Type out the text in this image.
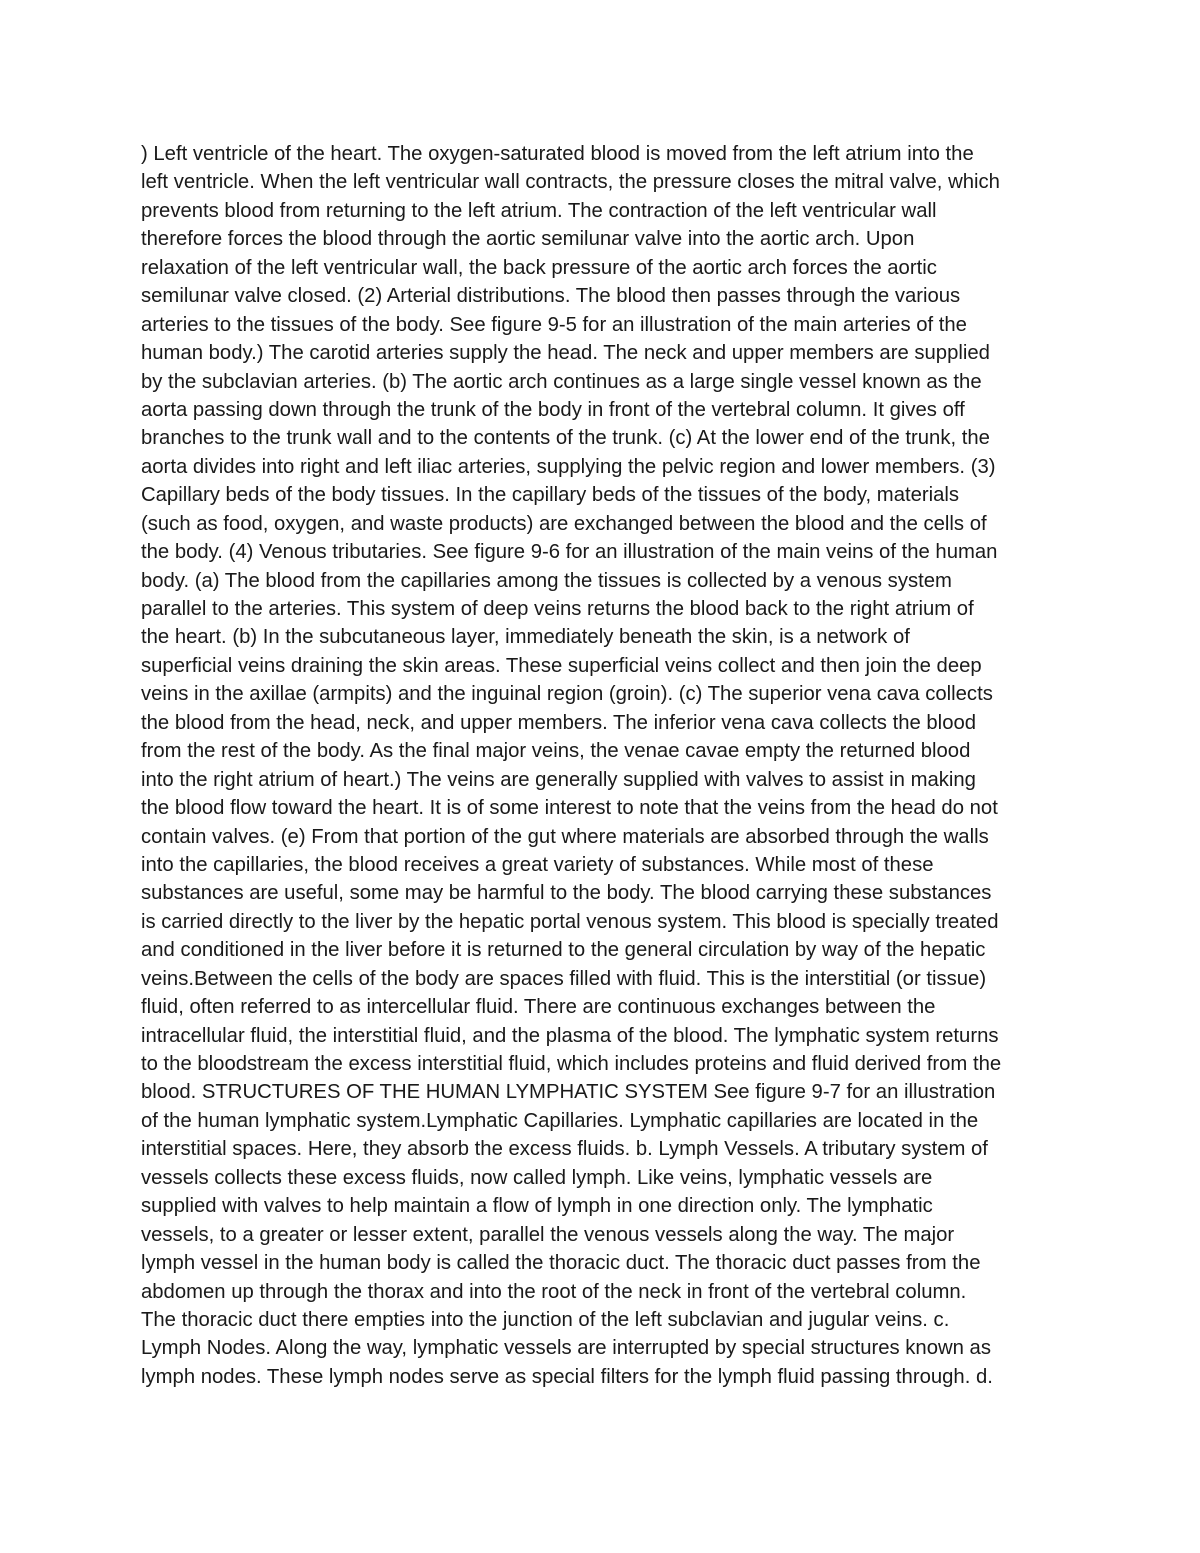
) Left ventricle of the heart. The oxygen-saturated blood is moved from the left atrium into the
left ventricle. When the left ventricular wall contracts, the pressure closes the mitral valve, which
prevents blood from returning to the left atrium. The contraction of the left ventricular wall
therefore forces the blood through the aortic semilunar valve into the aortic arch. Upon
relaxation of the left ventricular wall, the back pressure of the aortic arch forces the aortic
semilunar valve closed. (2) Arterial distributions. The blood then passes through the various
arteries to the tissues of the body. See figure 9-5 for an illustration of the main arteries of the
human body.) The carotid arteries supply the head. The neck and upper members are supplied
by the subclavian arteries. (b) The aortic arch continues as a large single vessel known as the
aorta passing down through the trunk of the body in front of the vertebral column. It gives off
branches to the trunk wall and to the contents of the trunk. (c) At the lower end of the trunk, the
aorta divides into right and left iliac arteries, supplying the pelvic region and lower members. (3)
Capillary beds of the body tissues. In the capillary beds of the tissues of the body, materials
(such as food, oxygen, and waste products) are exchanged between the blood and the cells of
the body. (4) Venous tributaries. See figure 9-6 for an illustration of the main veins of the human
body. (a) The blood from the capillaries among the tissues is collected by a venous system
parallel to the arteries. This system of deep veins returns the blood back to the right atrium of
the heart. (b) In the subcutaneous layer, immediately beneath the skin, is a network of
superficial veins draining the skin areas. These superficial veins collect and then join the deep
veins in the axillae (armpits) and the inguinal region (groin). (c) The superior vena cava collects
the blood from the head, neck, and upper members. The inferior vena cava collects the blood
from the rest of the body. As the final major veins, the venae cavae empty the returned blood
into the right atrium of heart.) The veins are generally supplied with valves to assist in making
the blood flow toward the heart. It is of some interest to note that the veins from the head do not
contain valves. (e) From that portion of the gut where materials are absorbed through the walls
into the capillaries, the blood receives a great variety of substances. While most of these
substances are useful, some may be harmful to the body. The blood carrying these substances
is carried directly to the liver by the hepatic portal venous system. This blood is specially treated
and conditioned in the liver before it is returned to the general circulation by way of the hepatic
veins.Between the cells of the body are spaces filled with fluid. This is the interstitial (or tissue)
fluid, often referred to as intercellular fluid. There are continuous exchanges between the
intracellular fluid, the interstitial fluid, and the plasma of the blood. The lymphatic system returns
to the bloodstream the excess interstitial fluid, which includes proteins and fluid derived from the
blood. STRUCTURES OF THE HUMAN LYMPHATIC SYSTEM See figure 9-7 for an illustration
of the human lymphatic system.Lymphatic Capillaries. Lymphatic capillaries are located in the
interstitial spaces. Here, they absorb the excess fluids. b. Lymph Vessels. A tributary system of
vessels collects these excess fluids, now called lymph. Like veins, lymphatic vessels are
supplied with valves to help maintain a flow of lymph in one direction only. The lymphatic
vessels, to a greater or lesser extent, parallel the venous vessels along the way. The major
lymph vessel in the human body is called the thoracic duct. The thoracic duct passes from the
abdomen up through the thorax and into the root of the neck in front of the vertebral column.
The thoracic duct there empties into the junction of the left subclavian and jugular veins. c.
Lymph Nodes. Along the way, lymphatic vessels are interrupted by special structures known as
lymph nodes. These lymph nodes serve as special filters for the lymph fluid passing through. d.
